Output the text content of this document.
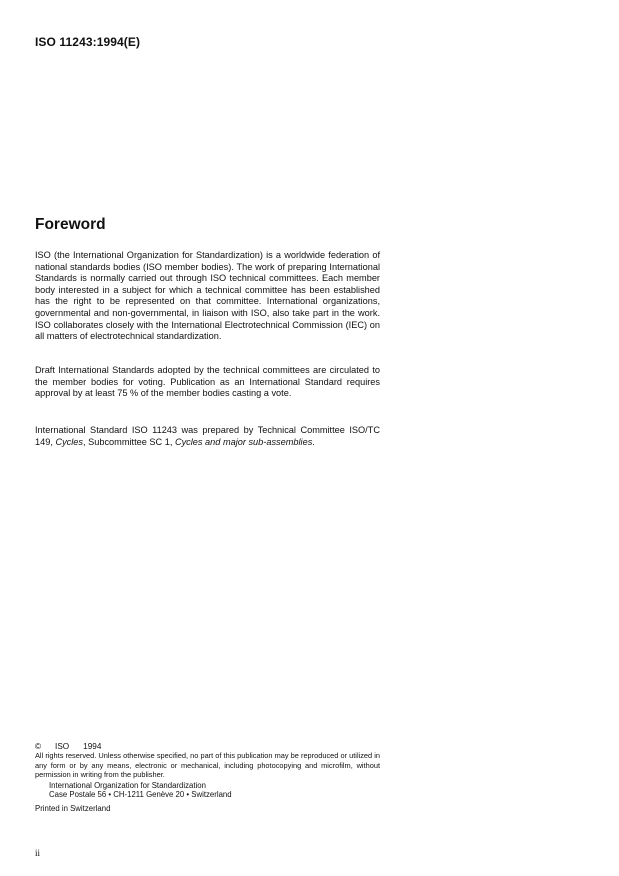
ISO 11243:1994(E)
Foreword

ISO (the International Organization for Standardization) is a worldwide federation of national standards bodies (ISO member bodies). The work of preparing International Standards is normally carried out through ISO technical committees. Each member body interested in a subject for which a technical committee has been established has the right to be represented on that committee. International organizations, governmental and non-governmental, in liaison with ISO, also take part in the work. ISO collaborates closely with the International Electrotechnical Commission (IEC) on all matters of electrotechnical standardization.

Draft International Standards adopted by the technical committees are circulated to the member bodies for voting. Publication as an International Standard requires approval by at least 75 % of the member bodies casting a vote.

International Standard ISO 11243 was prepared by Technical Committee ISO/TC 149, Cycles, Subcommittee SC 1, Cycles and major sub-assemblies.

© ISO 1994

All rights reserved. Unless otherwise specified, no part of this publication may be reproduced or utilized in any form or by any means, electronic or mechanical, including photocopying and microfilm, without permission in writing from the publisher.

International Organization for Standardization
Case Postale 56 • CH-1211 Genève 20 • Switzerland
Printed in Switzerland
ii
